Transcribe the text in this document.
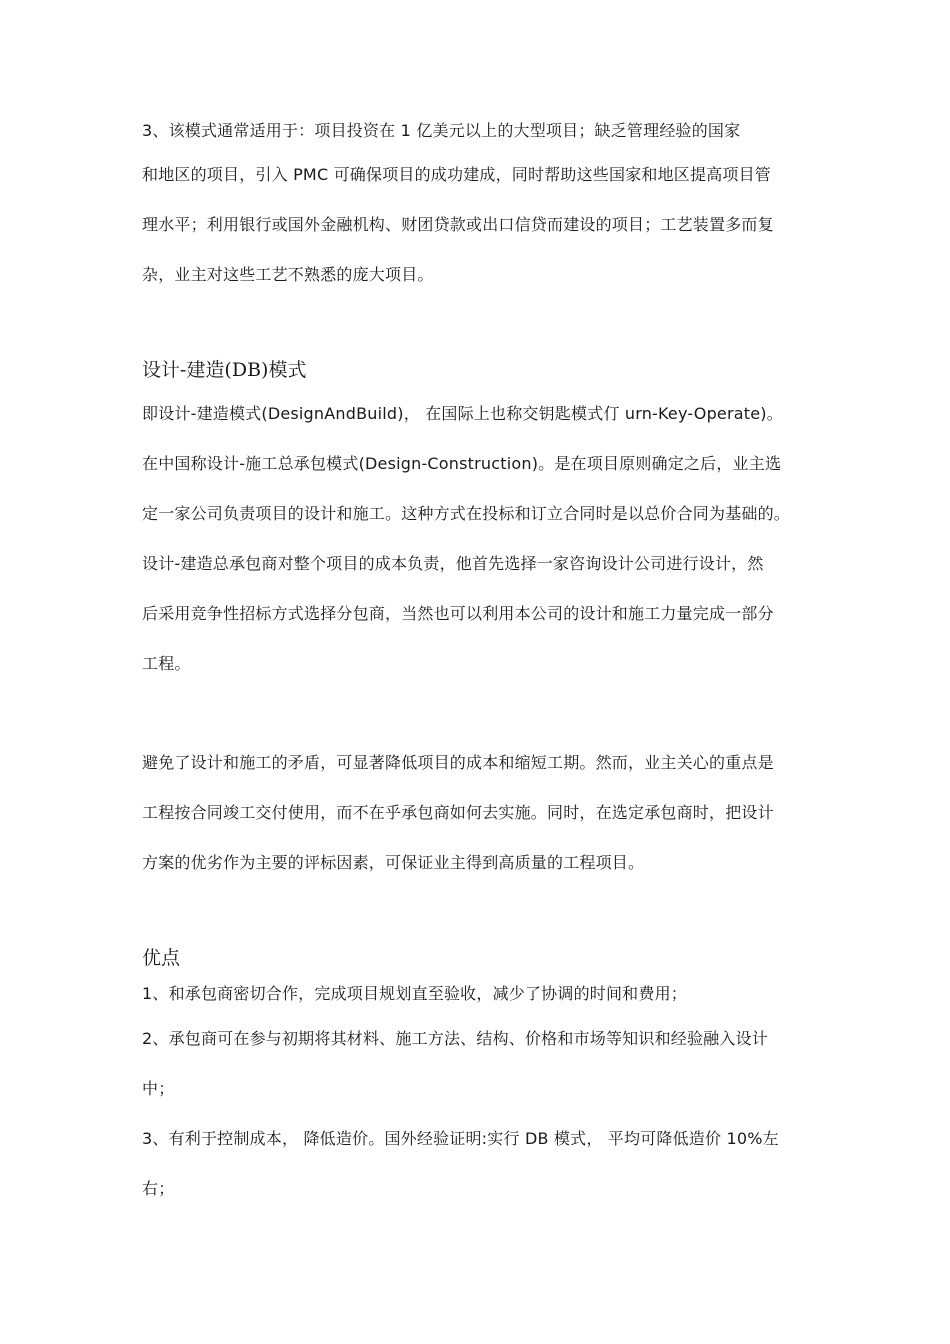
3、该模式通常适用于：项目投资在 1 亿美元以上的大型项目；缺乏管理经验的国家
和地区的项目，引入 PMC 可确保项目的成功建成，同时帮助这些国家和地区提高项目管
理水平；利用银行或国外金融机构、财团贷款或出口信贷而建设的项目；工艺装置多而复
杂，业主对这些工艺不熟悉的庞大项目。
设计-建造(DB)模式
即设计-建造模式(DesignAndBuild)， 在国际上也称交钥匙模式仃 urn-Key-Operate)。
在中国称设计-施工总承包模式(Design-Construction)。是在项目原则确定之后，业主选
定一家公司负责项目的设计和施工。这种方式在投标和订立合同时是以总价合同为基础的。
设计-建造总承包商对整个项目的成本负责，他首先选择一家咨询设计公司进行设计，然
后采用竞争性招标方式选择分包商，当然也可以利用本公司的设计和施工力量完成一部分
工程。
避免了设计和施工的矛盾，可显著降低项目的成本和缩短工期。然而，业主关心的重点是
工程按合同竣工交付使用，而不在乎承包商如何去实施。同时，在选定承包商时，把设计
方案的优劣作为主要的评标因素，可保证业主得到高质量的工程项目。
优点
1、和承包商密切合作，完成项目规划直至验收，减少了协调的时间和费用；
2、承包商可在参与初期将其材料、施工方法、结构、价格和市场等知识和经验融入设计
中；
3、有利于控制成本， 降低造价。国外经验证明:实行 DB 模式， 平均可降低造价 10%左
右；
